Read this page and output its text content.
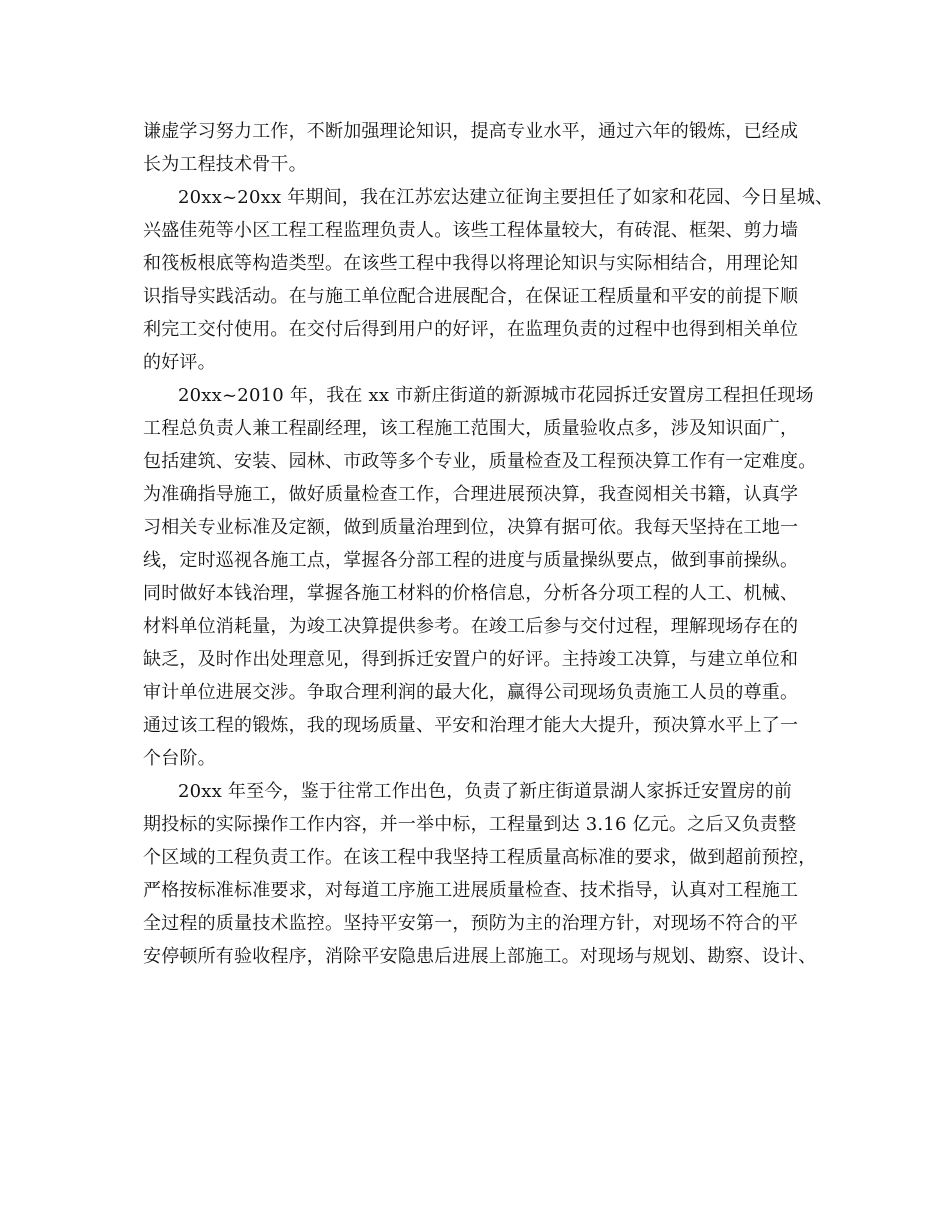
谦虚学习努力工作，不断加强理论知识，提高专业水平，通过六年的锻炼，已经成
长为工程技术骨干。
20xx~20xx 年期间，我在江苏宏达建立征询主要担任了如家和花园、今日星城、
兴盛佳苑等小区工程工程监理负责人。该些工程体量较大，有砖混、框架、剪力墙
和筏板根底等构造类型。在该些工程中我得以将理论知识与实际相结合，用理论知
识指导实践活动。在与施工单位配合进展配合，在保证工程质量和平安的前提下顺
利完工交付使用。在交付后得到用户的好评，在监理负责的过程中也得到相关单位
的好评。
20xx~2010 年，我在 xx 市新庄街道的新源城市花园拆迁安置房工程担任现场
工程总负责人兼工程副经理，该工程施工范围大，质量验收点多，涉及知识面广，
包括建筑、安装、园林、市政等多个专业，质量检查及工程预决算工作有一定难度。
为准确指导施工，做好质量检查工作，合理进展预决算，我查阅相关书籍，认真学
习相关专业标准及定额，做到质量治理到位，决算有据可依。我每天坚持在工地一
线，定时巡视各施工点，掌握各分部工程的进度与质量操纵要点，做到事前操纵。
同时做好本钱治理，掌握各施工材料的价格信息，分析各分项工程的人工、机械、
材料单位消耗量，为竣工决算提供参考。在竣工后参与交付过程，理解现场存在的
缺乏，及时作出处理意见，得到拆迁安置户的好评。主持竣工决算，与建立单位和
审计单位进展交涉。争取合理利润的最大化，赢得公司现场负责施工人员的尊重。
通过该工程的锻炼，我的现场质量、平安和治理才能大大提升，预决算水平上了一
个台阶。
20xx 年至今，鉴于往常工作出色，负责了新庄街道景湖人家拆迁安置房的前
期投标的实际操作工作内容，并一举中标，工程量到达 3.16 亿元。之后又负责整
个区域的工程负责工作。在该工程中我坚持工程质量高标准的要求，做到超前预控，
严格按标准标准要求，对每道工序施工进展质量检查、技术指导，认真对工程施工
全过程的质量技术监控。坚持平安第一，预防为主的治理方针，对现场不符合的平
安停顿所有验收程序，消除平安隐患后进展上部施工。对现场与规划、勘察、设计、
